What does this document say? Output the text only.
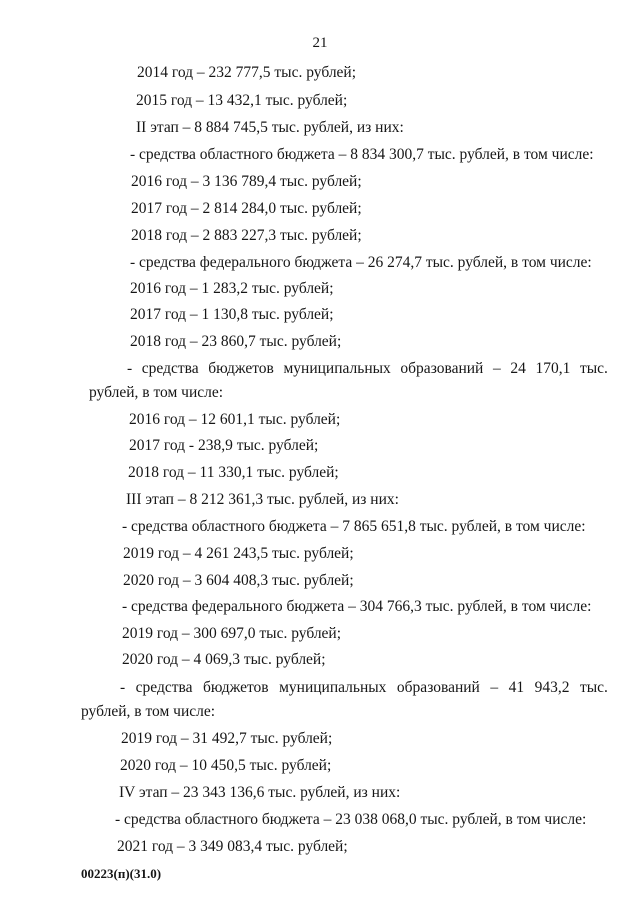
21
2014 год – 232 777,5 тыс. рублей;
2015 год – 13 432,1 тыс. рублей;
II этап – 8 884 745,5 тыс. рублей, из них:
- средства областного бюджета – 8 834 300,7 тыс. рублей, в том числе:
2016 год – 3 136 789,4 тыс. рублей;
2017 год – 2 814 284,0 тыс. рублей;
2018 год – 2 883 227,3 тыс. рублей;
- средства федерального бюджета – 26 274,7 тыс. рублей, в том числе:
2016 год – 1 283,2 тыс. рублей;
2017 год – 1 130,8 тыс. рублей;
2018 год – 23 860,7 тыс. рублей;
- средства бюджетов муниципальных образований – 24 170,1 тыс.
рублей, в том числе:
2016 год – 12 601,1 тыс. рублей;
2017 год - 238,9 тыс. рублей;
2018 год – 11 330,1 тыс. рублей;
III этап – 8 212 361,3 тыс. рублей, из них:
- средства областного бюджета – 7 865 651,8 тыс. рублей, в том числе:
2019 год – 4 261 243,5 тыс. рублей;
2020 год – 3 604 408,3 тыс. рублей;
- средства федерального бюджета – 304 766,3 тыс. рублей, в том числе:
2019 год – 300 697,0 тыс. рублей;
2020 год – 4 069,3 тыс. рублей;
- средства бюджетов муниципальных образований – 41 943,2 тыс.
рублей, в том числе:
2019 год – 31 492,7 тыс. рублей;
2020 год – 10 450,5 тыс. рублей;
IV этап – 23 343 136,6 тыс. рублей, из них:
- средства областного бюджета – 23 038 068,0 тыс. рублей, в том числе:
2021 год – 3 349 083,4 тыс. рублей;
00223(п)(31.0)
